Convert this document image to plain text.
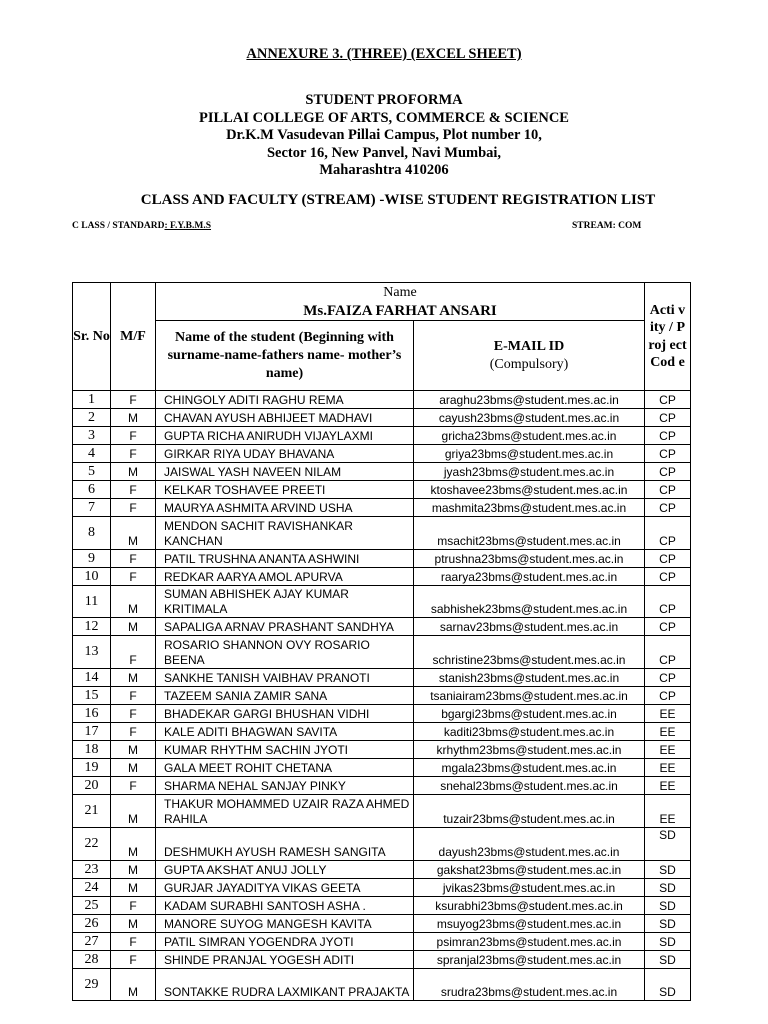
ANNEXURE 3. (THREE) (EXCEL SHEET)
STUDENT PROFORMA
PILLAI COLLEGE OF ARTS, COMMERCE & SCIENCE
Dr.K.M Vasudevan Pillai Campus, Plot number 10,
Sector 16, New Panvel, Navi Mumbai,
Maharashtra 410206
CLASS AND FACULTY (STREAM) -WISE STUDENT REGISTRATION LIST
C LASS / STANDARD: F.Y.B.M.S	STREAM: COM
Sr. No	M/F	Name
Ms.FAIZA FARHAT ANSARI		Acti vity / Proj ect Cod e
		Name of the student (Beginning with surname-name-fathers name- mother’s name)	E-MAIL ID
(Compulsory)	

1	F	CHINGOLY ADITI RAGHU REMA	araghu23bms@student.mes.ac.in	CP
2	M	CHAVAN AYUSH ABHIJEET MADHAVI	cayush23bms@student.mes.ac.in	CP
3	F	GUPTA RICHA ANIRUDH VIJAYLAXMI	gricha23bms@student.mes.ac.in	CP
4	F	GIRKAR RIYA UDAY BHAVANA	griya23bms@student.mes.ac.in	CP
5	M	JAISWAL YASH NAVEEN NILAM	jyash23bms@student.mes.ac.in	CP
6	F	KELKAR TOSHAVEE PREETI	ktoshavee23bms@student.mes.ac.in	CP
7	F	MAURYA ASHMITA ARVIND USHA	mashmita23bms@student.mes.ac.in	CP
8	M	MENDON SACHIT RAVISHANKAR KANCHAN	msachit23bms@student.mes.ac.in	CP
9	F	PATIL TRUSHNA ANANTA ASHWINI	ptrushna23bms@student.mes.ac.in	CP
10	F	REDKAR AARYA AMOL APURVA	raarya23bms@student.mes.ac.in	CP
11	M	SUMAN ABHISHEK AJAY KUMAR KRITIMALA	sabhishek23bms@student.mes.ac.in	CP
12	M	SAPALIGA ARNAV PRASHANT SANDHYA	sarnav23bms@student.mes.ac.in	CP
13	F	ROSARIO SHANNON OVY ROSARIO BEENA	schristine23bms@student.mes.ac.in	CP
14	M	SANKHE TANISH VAIBHAV PRANOTI	stanish23bms@student.mes.ac.in	CP
15	F	TAZEEM SANIA ZAMIR SANA	tsaniairam23bms@student.mes.ac.in	CP
16	F	BHADEKAR GARGI BHUSHAN VIDHI	bgargi23bms@student.mes.ac.in	EE
17	F	KALE ADITI BHAGWAN SAVITA	kaditi23bms@student.mes.ac.in	EE
18	M	KUMAR RHYTHM SACHIN JYOTI	krhythm23bms@student.mes.ac.in	EE
19	M	GALA MEET ROHIT CHETANA	mgala23bms@student.mes.ac.in	EE
20	F	SHARMA NEHAL SANJAY PINKY	snehal23bms@student.mes.ac.in	EE
21	M	THAKUR MOHAMMED UZAIR RAZA AHMED RAHILA	tuzair23bms@student.mes.ac.in	EE
22	M	DESHMUKH AYUSH RAMESH SANGITA	dayush23bms@student.mes.ac.in	SD
23	M	GUPTA AKSHAT ANUJ JOLLY	gakshat23bms@student.mes.ac.in	SD
24	M	GURJAR JAYADITYA VIKAS GEETA	jvikas23bms@student.mes.ac.in	SD
25	F	KADAM SURABHI SANTOSH ASHA .	ksurabhi23bms@student.mes.ac.in	SD
26	M	MANORE SUYOG MANGESH KAVITA	msuyog23bms@student.mes.ac.in	SD
27	F	PATIL SIMRAN YOGENDRA JYOTI	psimran23bms@student.mes.ac.in	SD
28	F	SHINDE PRANJAL YOGESH ADITI	spranjal23bms@student.mes.ac.in	SD
29	M	SONTAKKE RUDRA LAXMIKANT PRAJAKTA	srudra23bms@student.mes.ac.in	SD
